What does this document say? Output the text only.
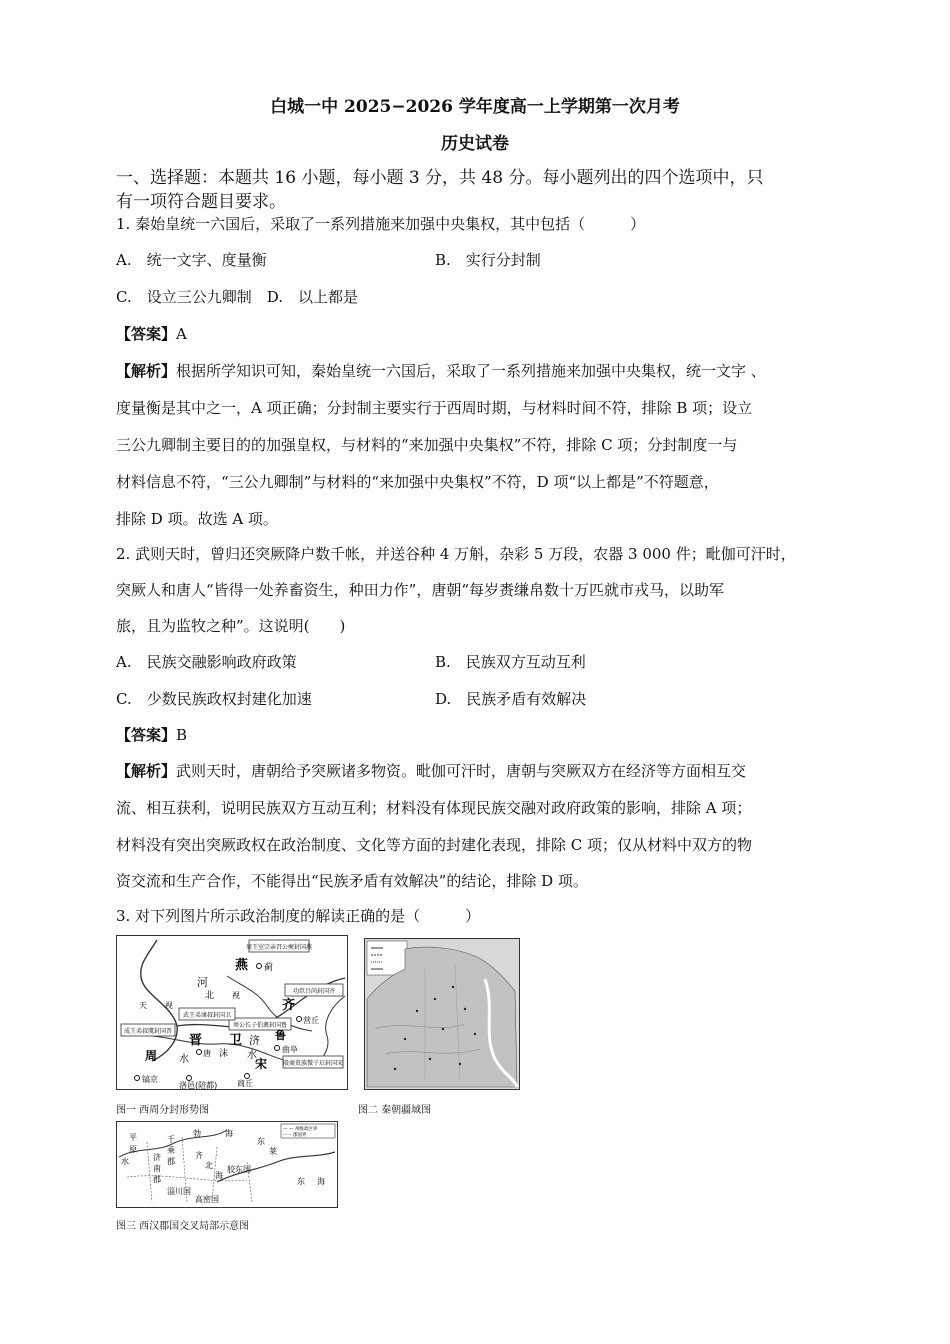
白城一中 2025−2026 学年度高一上学期第一次月考
历史试卷
一、选择题：本题共 16 小题，每小题 3 分，共 48 分。每小题列出的四个选项中，只
有一项符合题目要求。
1. 秦始皇统一六国后，采取了一系列措施来加强中央集权，其中包括（　　　）
A.　统一文字、度量衡	B.　实行分封制
C.　设立三公九卿制　D.　以上都是
【答案】A
【解析】根据所学知识可知，秦始皇统一六国后，采取了一系列措施来加强中央集权，统一文字 、
度量衡是其中之一，A 项正确；分封制主要实行于西周时期，与材料时间不符，排除 B 项；设立
三公九卿制主要目的的加强皇权，与材料的“来加强中央集权”不符，排除 C 项；分封制度一与
材料信息不符，“三公九卿制”与材料的“来加强中央集权”不符，D 项“以上都是”不符题意，
排除 D 项。故选 A 项。
2. 武则天时，曾归还突厥降户数千帐，并送谷种 4 万斛，杂彩 5 万段，农器 3 000 件；毗伽可汗时，
突厥人和唐人“皆得一处养畜资生，种田力作”，唐朝“每岁赉缣帛数十万匹就市戎马，以助军
旅，且为监牧之种”。这说明(　　)
A.　民族交融影响政府政策	B.　民族双方互动互利
C.　少数民族政权封建化加速	D.　民族矛盾有效解决
【答案】B
【解析】武则天时，唐朝给予突厥诸多物资。毗伽可汗时，唐朝与突厥双方在经济等方面相互交
流、相互获利，说明民族双方互动互利；材料没有体现民族交融对政府政策的影响，排除 A 项；
材料没有突出突厥政权在政治制度、文化等方面的封建化表现，排除 C 项；仅从材料中双方的物
资交流和生产合作，不能得出“民族矛盾有效解决”的结论，排除 D 项。
3. 对下列图片所示政治制度的解读正确的是（　　　）
周王室宗亲召公奭封国燕
功臣吕尚封国齐
周公长子伯禽封国鲁
武王弟康叔封国卫
成王弟叔虞封国晋
殷商贵族微子启封国宋
燕 蓟
河
北 视
天 视	齐
营丘
鲁
曲阜
晋
唐 沫
卫 济
水
周 水	宋
商丘
镐京
洛邑(陪都)
图一 西周分封形势图	图二 秦朝疆域图
— — 州级政区界
······ 郡国界
平
原
水
千
乘
郡
济
南
郡
齐
北
海
胶东国
东
莱
高密国
淄川国
东 海
勃	海
图三 西汉郡国交叉局部示意图
